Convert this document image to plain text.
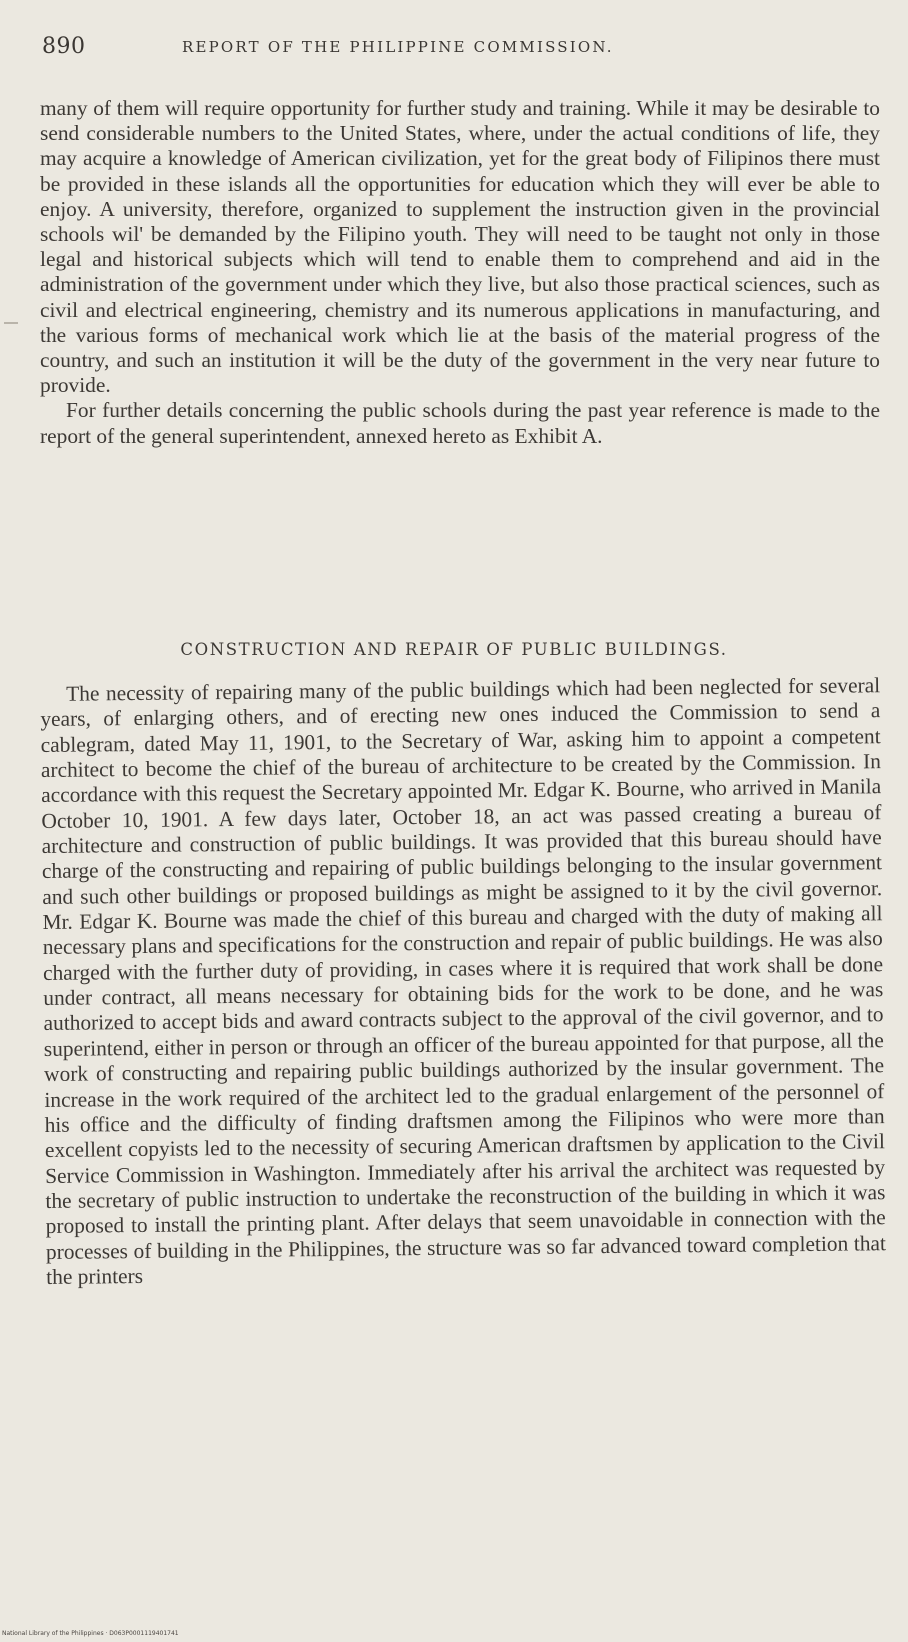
890	REPORT OF THE PHILIPPINE COMMISSION.

many of them will require opportunity for further study and training. While it may be desirable to send considerable numbers to the United States, where, under the actual conditions of life, they may acquire a knowledge of American civilization, yet for the great body of Filipinos there must be provided in these islands all the opportunities for education which they will ever be able to enjoy. A university, therefore, organized to supplement the instruction given in the provincial schools wil' be demanded by the Filipino youth. They will need to be taught not only in those legal and historical subjects which will tend to enable them to comprehend and aid in the administration of the government under which they live, but also those practical sciences, such as civil and electrical engineering, chemistry and its numerous applications in manufacturing, and the various forms of mechanical work which lie at the basis of the material progress of the country, and such an institution it will be the duty of the government in the very near future to provide.

For further details concerning the public schools during the past year reference is made to the report of the general superintendent, annexed hereto as Exhibit A.

CONSTRUCTION AND REPAIR OF PUBLIC BUILDINGS.

The necessity of repairing many of the public buildings which had been neglected for several years, of enlarging others, and of erecting new ones induced the Commission to send a cablegram, dated May 11, 1901, to the Secretary of War, asking him to appoint a competent architect to become the chief of the bureau of architecture to be created by the Commission. In accordance with this request the Secretary appointed Mr. Edgar K. Bourne, who arrived in Manila October 10, 1901. A few days later, October 18, an act was passed creating a bureau of architecture and construction of public buildings. It was provided that this bureau should have charge of the constructing and repairing of public buildings belonging to the insular government and such other buildings or proposed buildings as might be assigned to it by the civil governor. Mr. Edgar K. Bourne was made the chief of this bureau and charged with the duty of making all necessary plans and specifications for the construction and repair of public buildings. He was also charged with the further duty of providing, in cases where it is required that work shall be done under contract, all means necessary for obtaining bids for the work to be done, and he was authorized to accept bids and award contracts subject to the approval of the civil governor, and to superintend, either in person or through an officer of the bureau appointed for that purpose, all the work of constructing and repairing public buildings authorized by the insular government. The increase in the work required of the architect led to the gradual enlargement of the personnel of his office and the difficulty of finding draftsmen among the Filipinos who were more than excellent copyists led to the necessity of securing American draftsmen by application to the Civil Service Commission in Washington. Immediately after his arrival the architect was requested by the secretary of public instruction to undertake the reconstruction of the building in which it was proposed to install the printing plant. After delays that seem unavoidable in connection with the processes of building in the Philippines, the structure was so far advanced toward completion that the printers

National Library of the Philippines · D063P0001119401741
